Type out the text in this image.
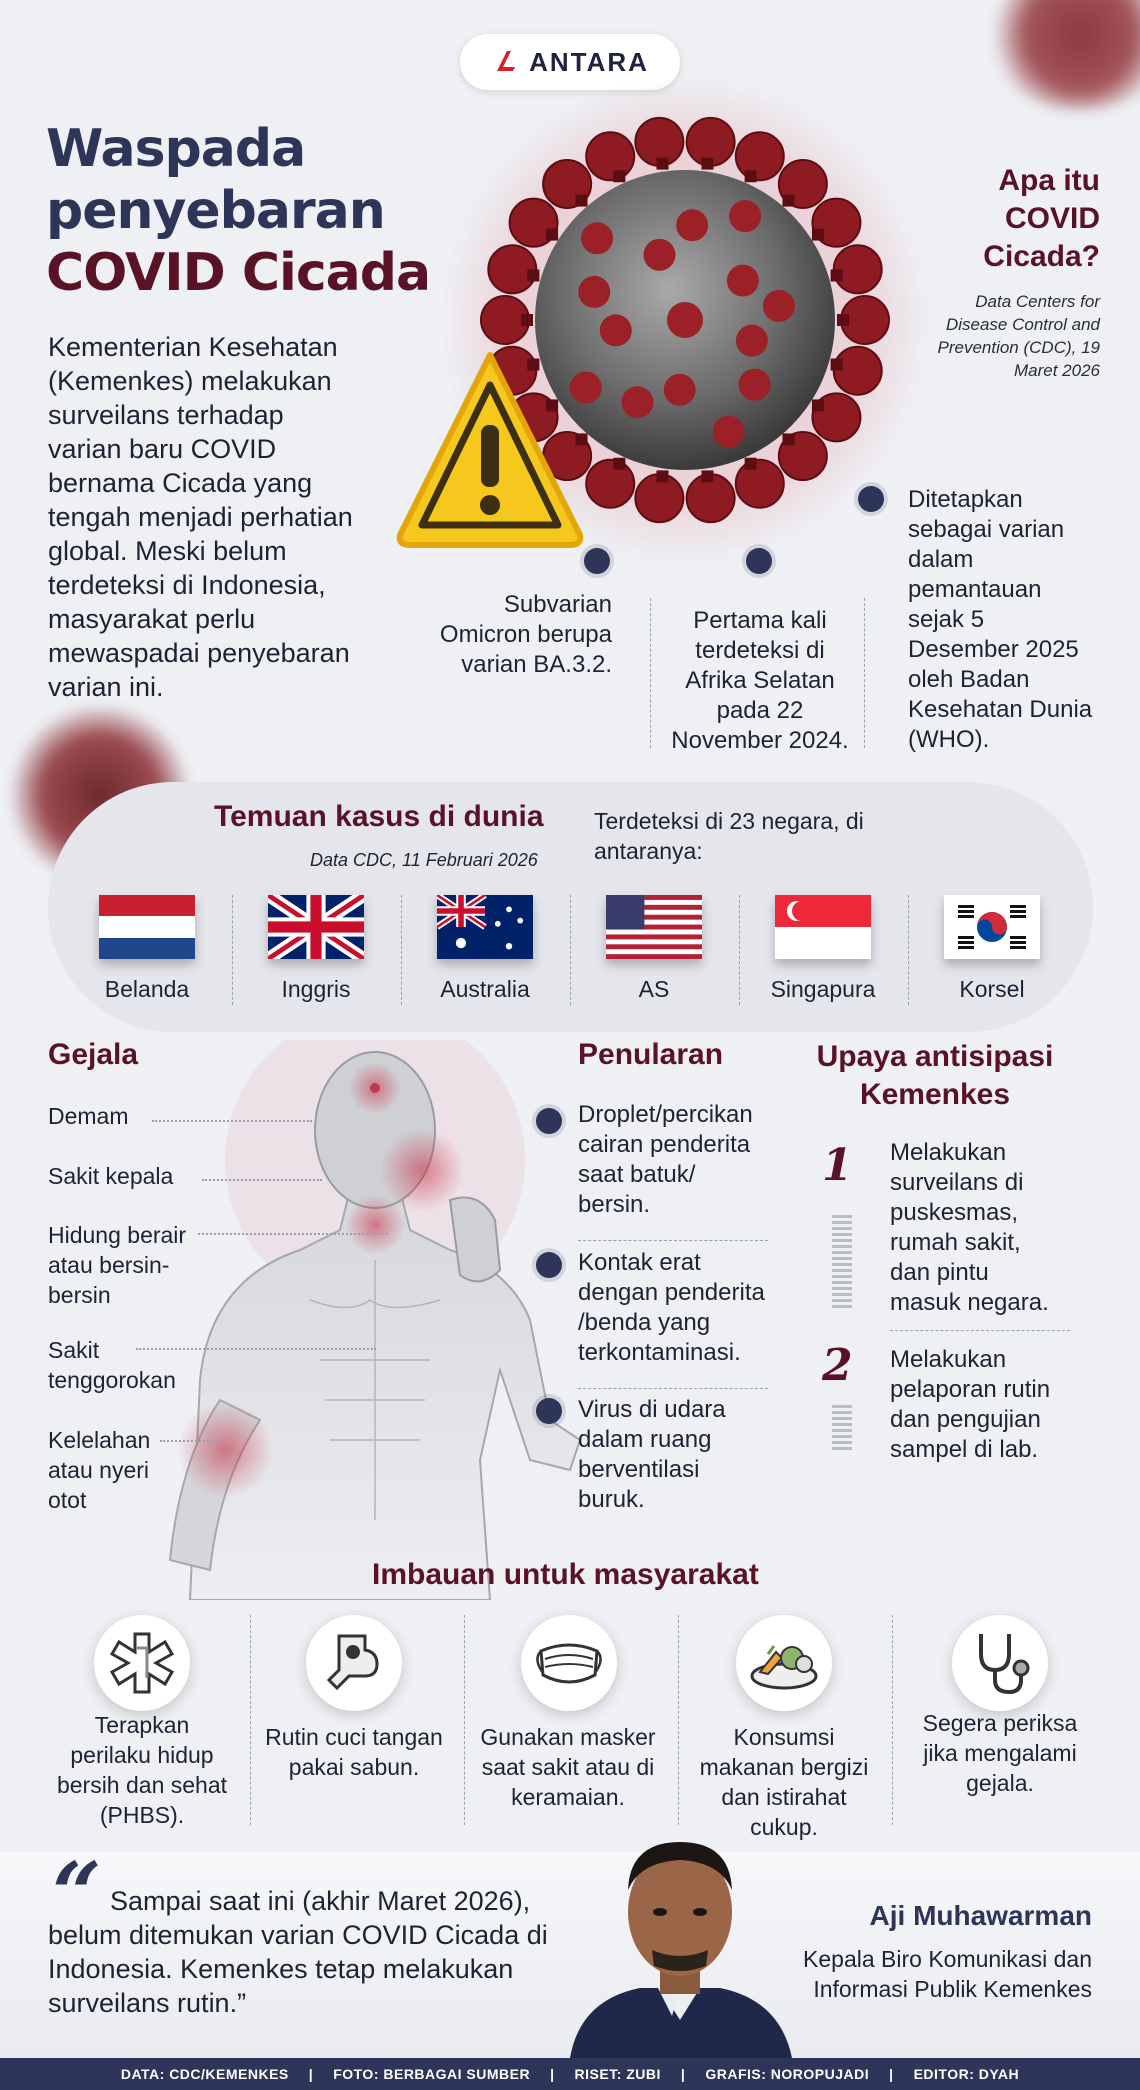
ANTARA
Waspada
penyebaran
COVID Cicada
Kementerian Kesehatan (Kemenkes) melakukan surveilans terhadap varian baru COVID bernama Cicada yang tengah menjadi perhatian global. Meski belum terdeteksi di Indonesia, masyarakat perlu mewaspadai penyebaran varian ini.
Apa itu COVID Cicada?
Data Centers for Disease Control and Prevention (CDC), 19 Maret 2026
Subvarian Omicron berupa varian BA.3.2.
Pertama kali terdeteksi di Afrika Selatan pada 22 November 2024.
Ditetapkan sebagai varian dalam pemantauan sejak 5 Desember 2025 oleh Badan Kesehatan Dunia (WHO).
Temuan kasus di dunia
Data CDC, 11 Februari 2026
Terdeteksi di 23 negara, di antaranya:
Belanda	Inggris	Australia	AS	Singapura	Korsel
Gejala
Demam
Sakit kepala
Hidung berair atau bersin-bersin
Sakit tenggorokan
Kelelahan atau nyeri otot
Penularan
Droplet/percikan cairan penderita saat batuk/ bersin.
Kontak erat dengan penderita /benda yang terkontaminasi.
Virus di udara dalam ruang berventilasi buruk.
Upaya antisipasi Kemenkes
1 Melakukan surveilans di puskesmas, rumah sakit, dan pintu masuk negara.
2 Melakukan pelaporan rutin dan pengujian sampel di lab.
Imbauan untuk masyarakat
Terapkan perilaku hidup bersih dan sehat (PHBS).
Rutin cuci tangan pakai sabun.
Gunakan masker saat sakit atau di keramaian.
Konsumsi makanan bergizi dan istirahat cukup.
Segera periksa jika mengalami gejala.
“ Sampai saat ini (akhir Maret 2026), belum ditemukan varian COVID Cicada di Indonesia. Kemenkes tetap melakukan surveilans rutin.”
Aji Muhawarman
Kepala Biro Komunikasi dan Informasi Publik Kemenkes
DATA: CDC/KEMENKES | FOTO: BERBAGAI SUMBER | RISET: ZUBI | GRAFIS: NOROPUJADI | EDITOR: DYAH
